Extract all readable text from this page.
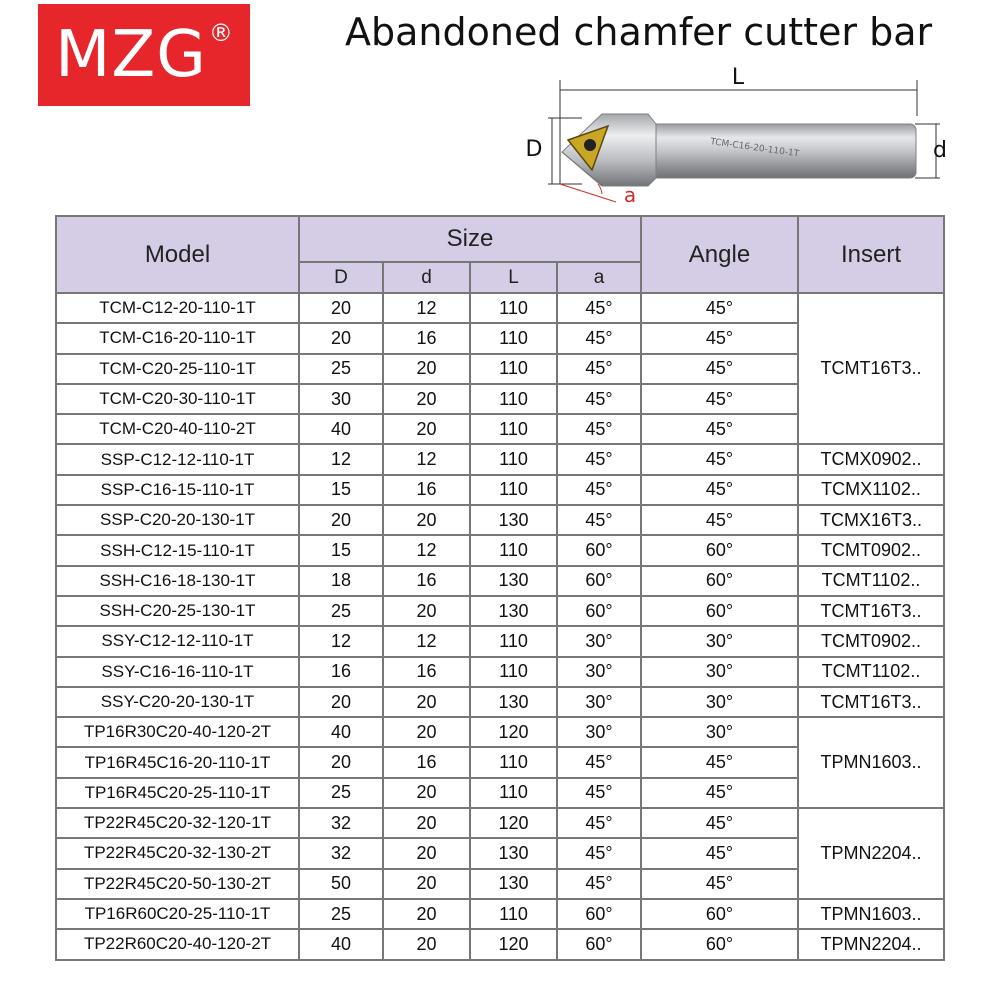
MZG ®	Abandoned chamfer cutter bar
L
D	d
TCM-C16-20-110-1T
a
Model	Size				Angle	Insert
	D	d	L	a		
TCM-C12-20-110-1T	20	12	110	45°	45°	TCMT16T3..
TCM-C16-20-110-1T	20	16	110	45°	45°	
TCM-C20-25-110-1T	25	20	110	45°	45°	
TCM-C20-30-110-1T	30	20	110	45°	45°	
TCM-C20-40-110-2T	40	20	110	45°	45°	
SSP-C12-12-110-1T	12	12	110	45°	45°	TCMX0902..
SSP-C16-15-110-1T	15	16	110	45°	45°	TCMX1102..
SSP-C20-20-130-1T	20	20	130	45°	45°	TCMX16T3..
SSH-C12-15-110-1T	15	12	110	60°	60°	TCMT0902..
SSH-C16-18-130-1T	18	16	130	60°	60°	TCMT1102..
SSH-C20-25-130-1T	25	20	130	60°	60°	TCMT16T3..
SSY-C12-12-110-1T	12	12	110	30°	30°	TCMT0902..
SSY-C16-16-110-1T	16	16	110	30°	30°	TCMT1102..
SSY-C20-20-130-1T	20	20	130	30°	30°	TCMT16T3..
TP16R30C20-40-120-2T	40	20	120	30°	30°	TPMN1603..
TP16R45C16-20-110-1T	20	16	110	45°	45°	
TP16R45C20-25-110-1T	25	20	110	45°	45°	
TP22R45C20-32-120-1T	32	20	120	45°	45°	TPMN2204..
TP22R45C20-32-130-2T	32	20	130	45°	45°	
TP22R45C20-50-130-2T	50	20	130	45°	45°	
TP16R60C20-25-110-1T	25	20	110	60°	60°	TPMN1603..
TP22R60C20-40-120-2T	40	20	120	60°	60°	TPMN2204..
